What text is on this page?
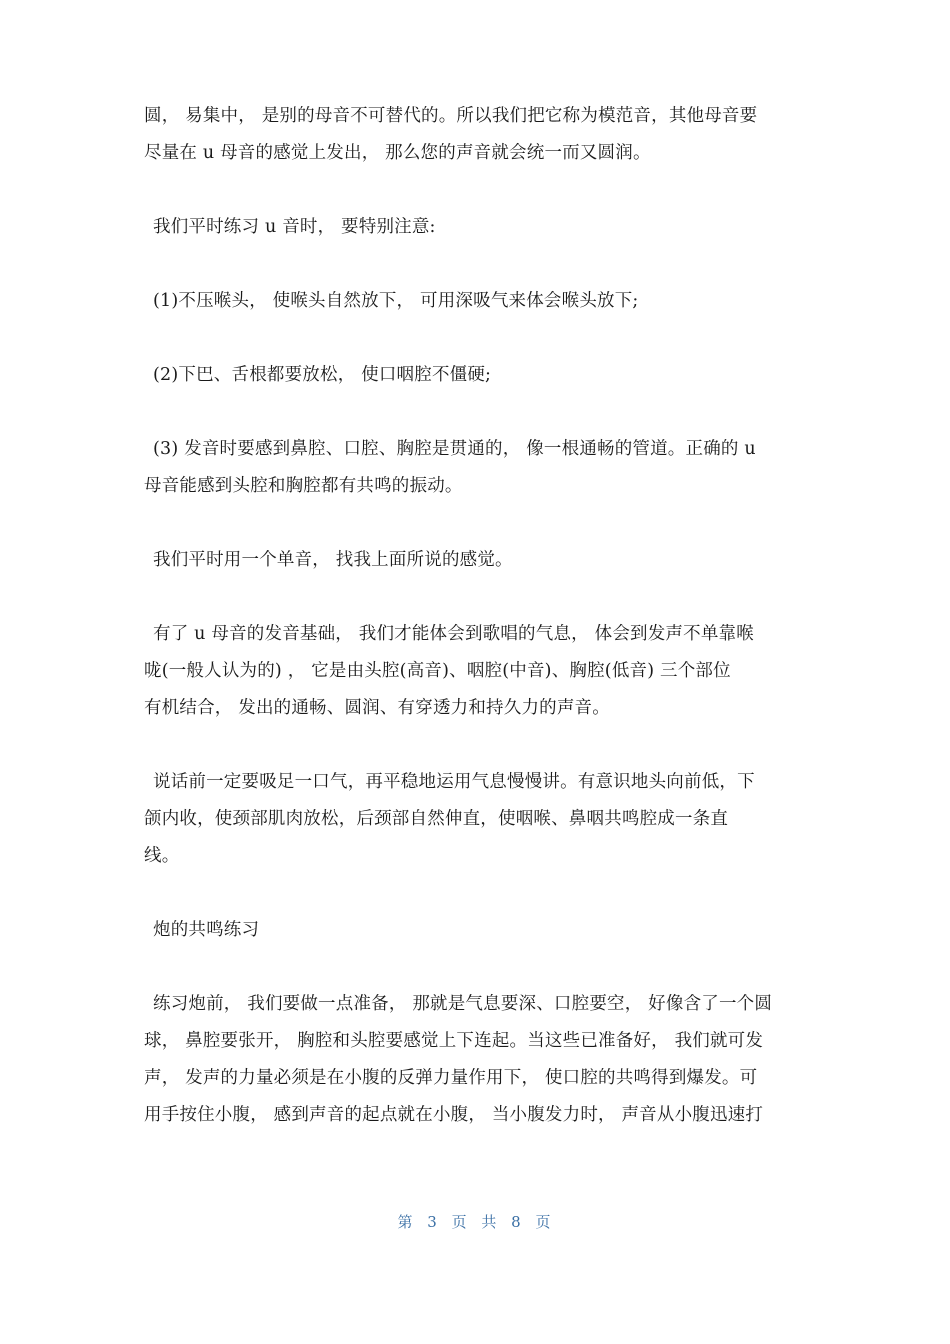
圆， 易集中， 是别的母音不可替代的。所以我们把它称为模范音，其他母音要
尽量在 u 母音的感觉上发出， 那么您的声音就会统一而又圆润。

我们平时练习 u 音时， 要特别注意:

(1)不压喉头， 使喉头自然放下， 可用深吸气来体会喉头放下;

(2)下巴、舌根都要放松， 使口咽腔不僵硬;

(3) 发音时要感到鼻腔、口腔、胸腔是贯通的， 像一根通畅的管道。正确的 u
母音能感到头腔和胸腔都有共鸣的振动。

我们平时用一个单音， 找我上面所说的感觉。

有了 u 母音的发音基础， 我们才能体会到歌唱的气息， 体会到发声不单靠喉
咙(一般人认为的) ， 它是由头腔(高音)、咽腔(中音)、胸腔(低音) 三个部位
有机结合， 发出的通畅、圆润、有穿透力和持久力的声音。

说话前一定要吸足一口气，再平稳地运用气息慢慢讲。有意识地头向前低，下
颌内收，使颈部肌肉放松，后颈部自然伸直，使咽喉、鼻咽共鸣腔成一条直
线。

炮的共鸣练习

练习炮前， 我们要做一点准备， 那就是气息要深、口腔要空， 好像含了一个圆
球， 鼻腔要张开， 胸腔和头腔要感觉上下连起。当这些已准备好， 我们就可发
声， 发声的力量必须是在小腹的反弹力量作用下， 使口腔的共鸣得到爆发。可
用手按住小腹， 感到声音的起点就在小腹， 当小腹发力时， 声音从小腹迅速打

第 3 页 共 8 页
